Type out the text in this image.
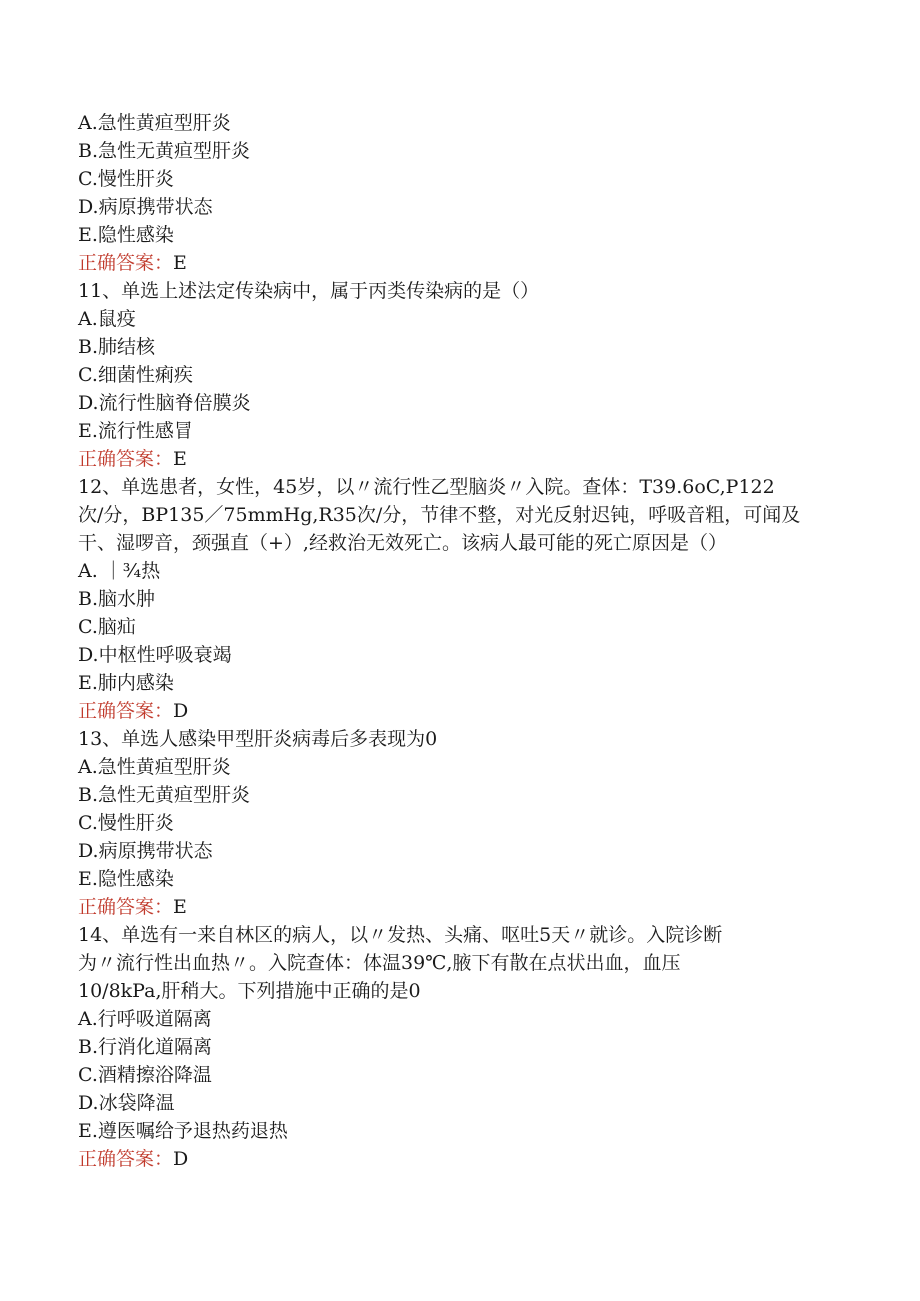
A.急性黄疸型肝炎
B.急性无黄疸型肝炎
C.慢性肝炎
D.病原携带状态
E.隐性感染
正确答案：E
11、单选上述法定传染病中，属于丙类传染病的是（）
A.鼠疫
B.肺结核
C.细菌性痢疾
D.流行性脑脊倍膜炎
E.流行性感冒
正确答案：E
12、单选患者，女性，45岁，以〃流行性乙型脑炎〃入院。查体：T39.6oC,P122
次/分，BP135／75mmHg,R35次/分，节律不整，对光反射迟钝，呼吸音粗，可闻及
干、湿啰音，颈强直（+）,经救治无效死亡。该病人最可能的死亡原因是（）
A. ｜¾热
B.脑水肿
C.脑疝
D.中枢性呼吸衰竭
E.肺内感染
正确答案：D
13、单选人感染甲型肝炎病毒后多表现为0
A.急性黄疸型肝炎
B.急性无黄疸型肝炎
C.慢性肝炎
D.病原携带状态
E.隐性感染
正确答案：E
14、单选有一来自林区的病人，以〃发热、头痛、呕吐5天〃就诊。入院诊断
为〃流行性出血热〃。入院查体：体温39℃,腋下有散在点状出血，血压
10/8kPa,肝稍大。下列措施中正确的是0
A.行呼吸道隔离
B.行消化道隔离
C.酒精擦浴降温
D.冰袋降温
E.遵医嘱给予退热药退热
正确答案：D
